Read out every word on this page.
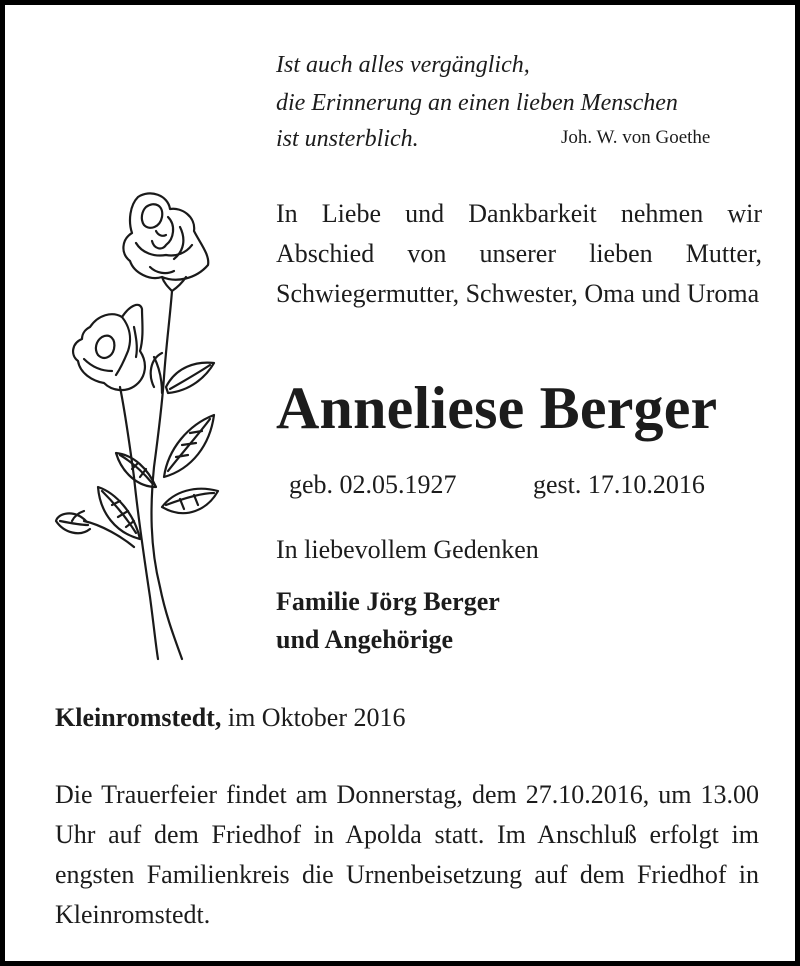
Ist auch alles vergänglich,

die Erinnerung an einen lieben Menschen

ist unsterblich.	Joh. W. von Goethe

In Liebe und Dankbarkeit nehmen wir Abschied von unserer lieben Mutter, Schwiegermutter, Schwester, Oma und Uroma

Anneliese Berger

geb. 02.05.1927	gest. 17.10.2016

In liebevollem Gedenken

Familie Jörg Berger

und Angehörige

Kleinromstedt, im Oktober 2016

Die Trauerfeier findet am Donnerstag, dem 27.10.2016, um 13.00 Uhr auf dem Friedhof in Apolda statt. Im Anschluß erfolgt im engsten Familienkreis die Urnenbeisetzung auf dem Friedhof in Kleinromstedt.
